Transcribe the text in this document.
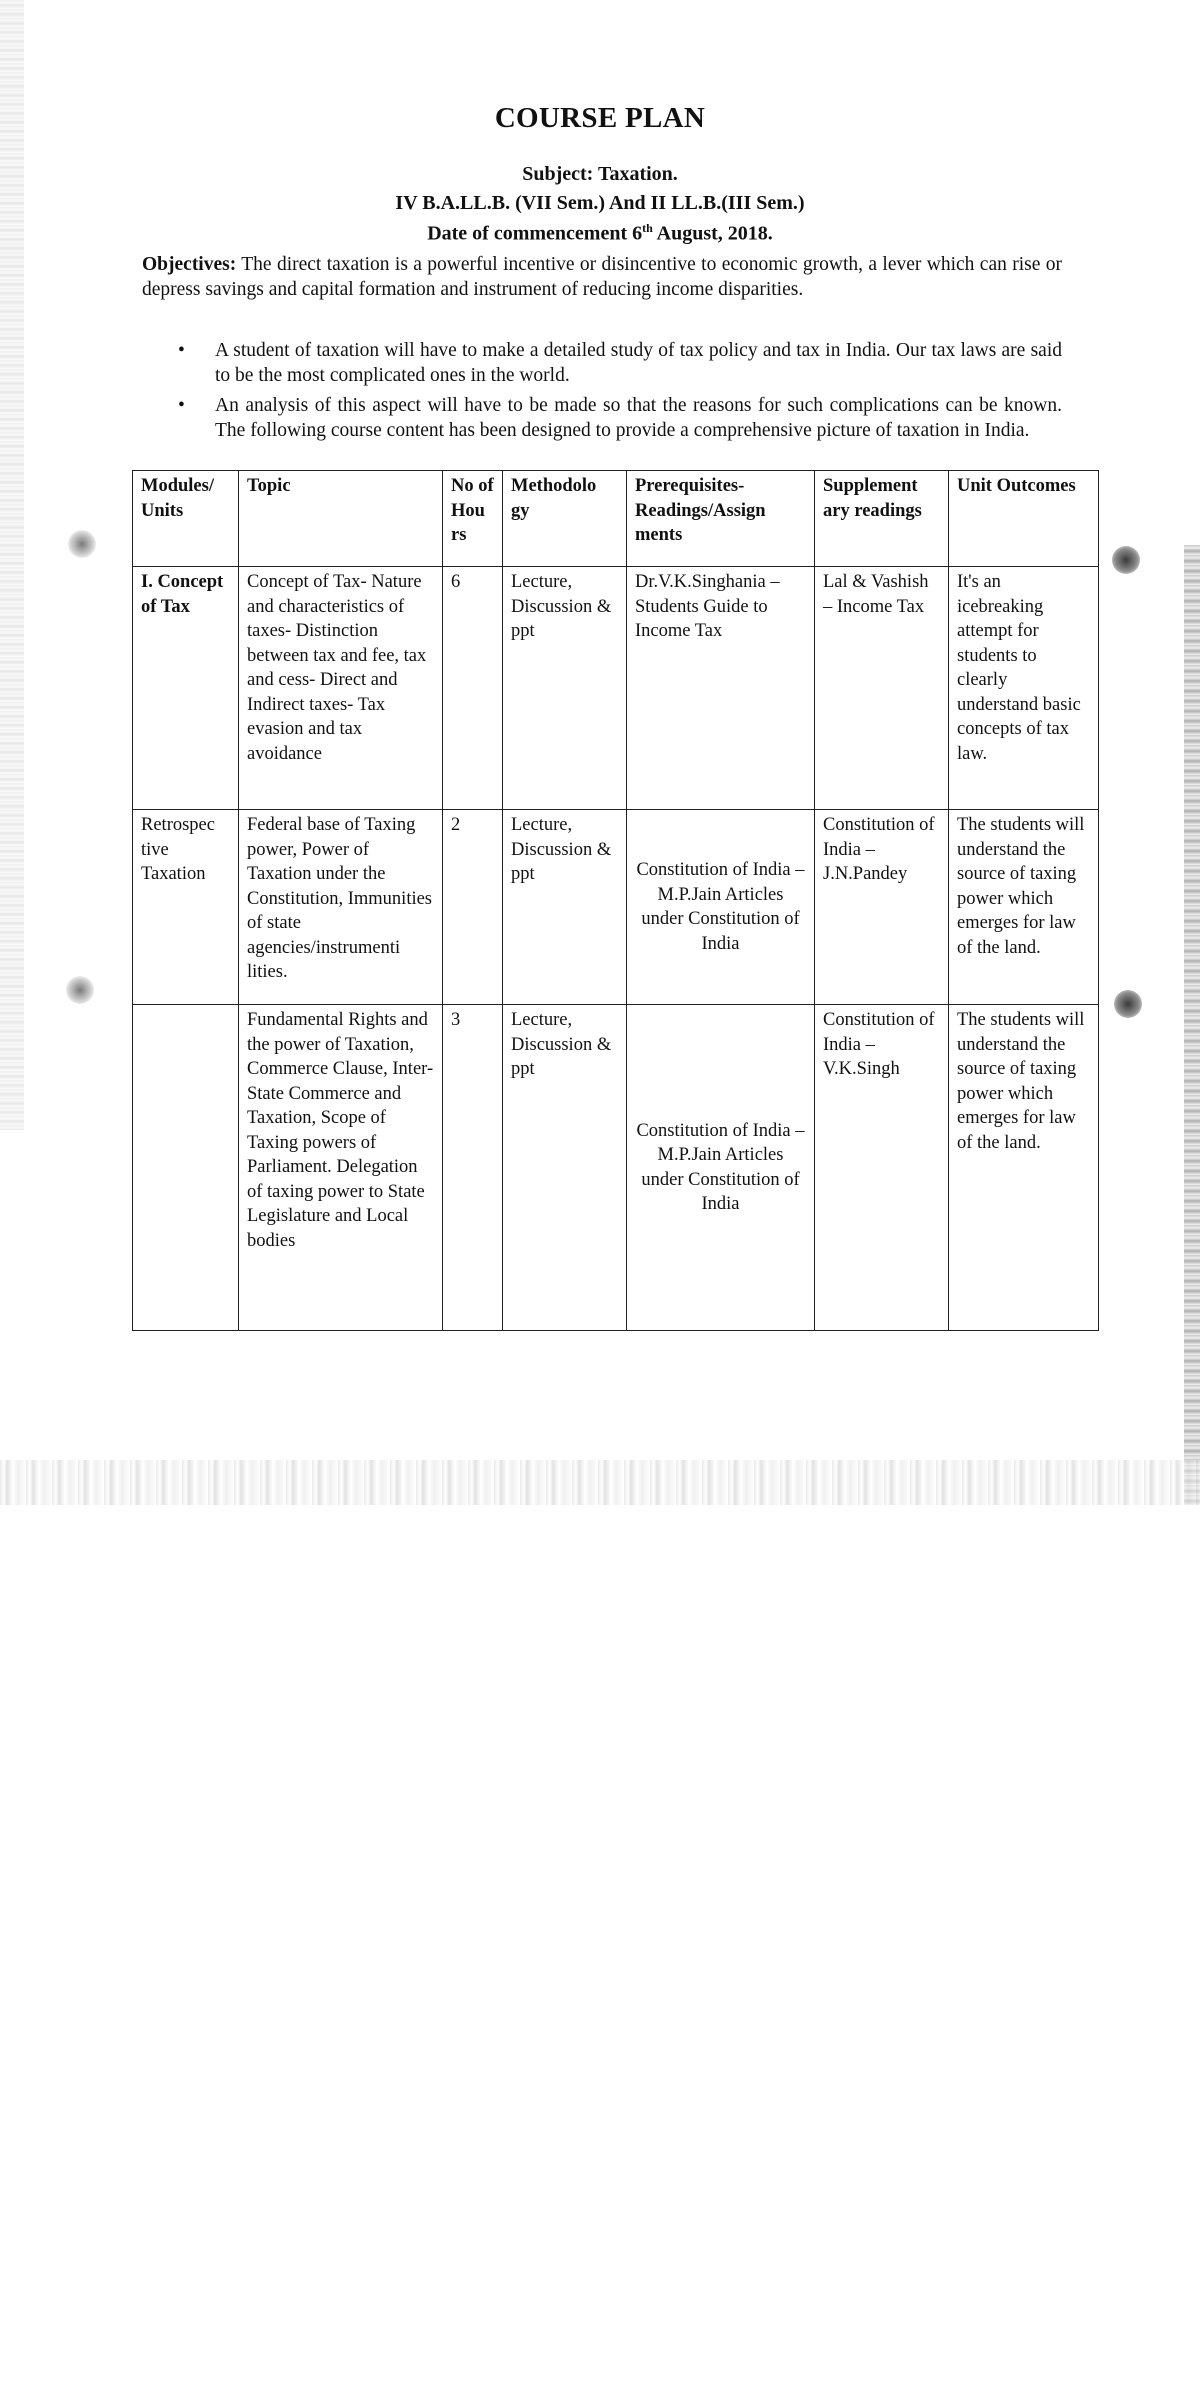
COURSE PLAN
Subject: Taxation.
IV B.A.LL.B. (VII Sem.) And II LL.B.(III Sem.)
Date of commencement 6th August, 2018.
Objectives: The direct taxation is a powerful incentive or disincentive to economic growth, a lever which can rise or depress savings and capital formation and instrument of reducing income disparities.
• A student of taxation will have to make a detailed study of tax policy and tax in India. Our tax laws are said to be the most complicated ones in the world.
• An analysis of this aspect will have to be made so that the reasons for such complications can be known. The following course content has been designed to provide a comprehensive picture of taxation in India.
Modules/ Units	Topic	No of Hou rs	Methodolo gy	Prerequisites-Readings/Assign ments	Supplement ary readings	Unit Outcomes
I. Concept of Tax	Concept of Tax- Nature and characteristics of taxes- Distinction between tax and fee, tax and cess- Direct and Indirect taxes- Tax evasion and tax avoidance	6	Lecture, Discussion & ppt	Dr.V.K.Singhania – Students Guide to Income Tax	Lal & Vashish – Income Tax	It's an icebreaking attempt for students to clearly understand basic concepts of tax law.
Retrospec tive Taxation	Federal base of Taxing power, Power of Taxation under the Constitution, Immunities of state agencies/instrumenti lities.	2	Lecture, Discussion & ppt	Constitution of India – M.P.Jain Articles under Constitution of India	Constitution of India – J.N.Pandey	The students will understand the source of taxing power which emerges for law of the land.
	Fundamental Rights and the power of Taxation, Commerce Clause, Inter-State Commerce and Taxation, Scope of Taxing powers of Parliament. Delegation of taxing power to State Legislature and Local bodies	3	Lecture, Discussion & ppt	Constitution of India – M.P.Jain Articles under Constitution of India	Constitution of India – V.K.Singh	The students will understand the source of taxing power which emerges for law of the land.
